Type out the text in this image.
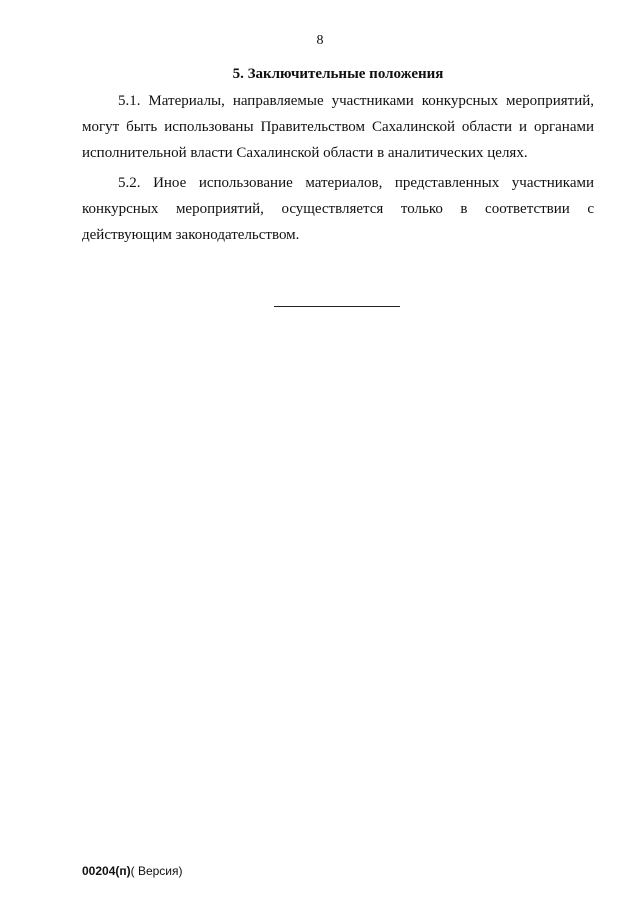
8
5. Заключительные положения

5.1. Материалы, направляемые участниками конкурсных мероприятий, могут быть использованы Правительством Сахалинской области и органами исполнительной власти Сахалинской области в аналитических целях.

5.2. Иное использование материалов, представленных участниками конкурсных мероприятий, осуществляется только в соответствии с действующим законодательством.

00204(п)( Версия)
